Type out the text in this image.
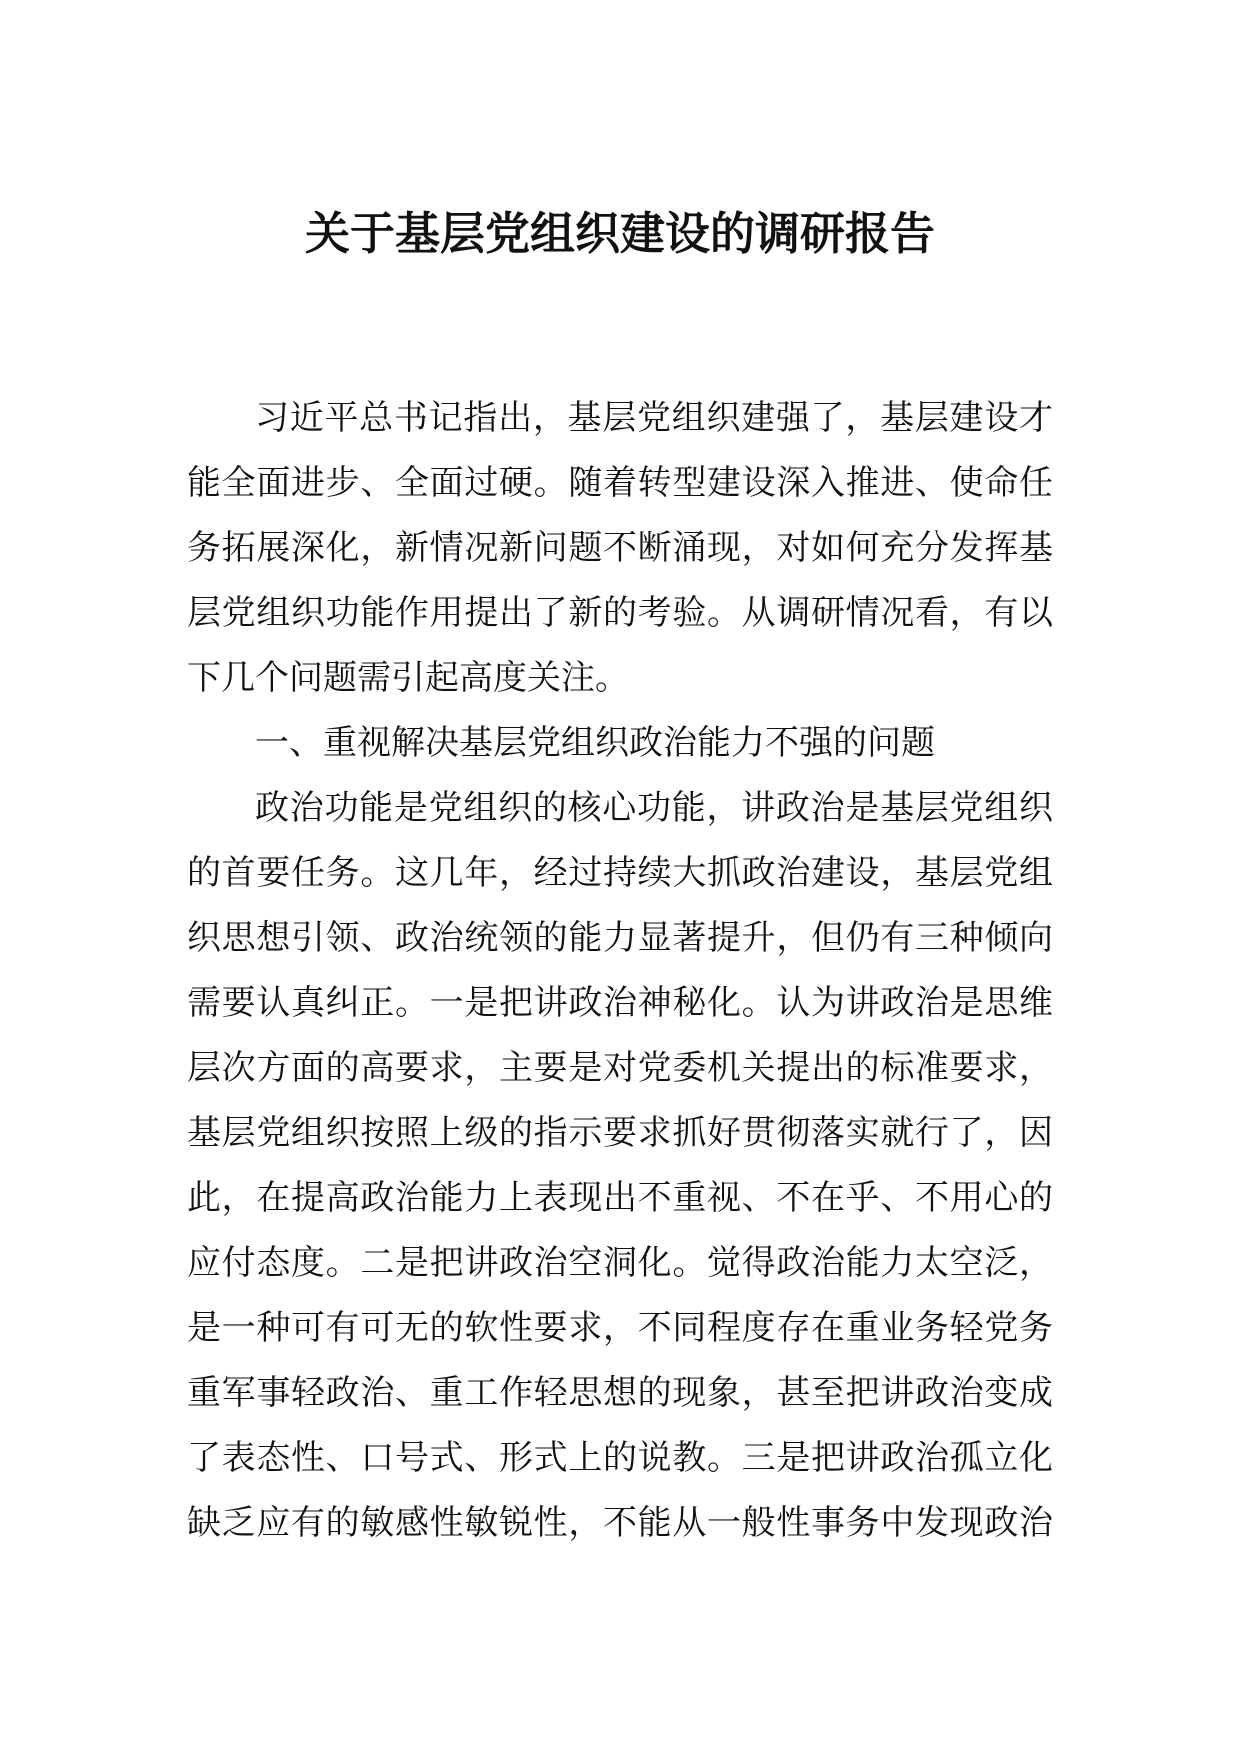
关于基层党组织建设的调研报告
习近平总书记指出，基层党组织建强了，基层建设才
能全面进步、全面过硬。随着转型建设深入推进、使命任
务拓展深化，新情况新问题不断涌现，对如何充分发挥基
层党组织功能作用提出了新的考验。从调研情况看，有以
下几个问题需引起高度关注。
一、重视解决基层党组织政治能力不强的问题
政治功能是党组织的核心功能，讲政治是基层党组织
的首要任务。这几年，经过持续大抓政治建设，基层党组
织思想引领、政治统领的能力显著提升，但仍有三种倾向
需要认真纠正。一是把讲政治神秘化。认为讲政治是思维
层次方面的高要求，主要是对党委机关提出的标准要求，
基层党组织按照上级的指示要求抓好贯彻落实就行了，因
此，在提高政治能力上表现出不重视、不在乎、不用心的
应付态度。二是把讲政治空洞化。觉得政治能力太空泛，
是一种可有可无的软性要求，不同程度存在重业务轻党务
重军事轻政治、重工作轻思想的现象，甚至把讲政治变成
了表态性、口号式、形式上的说教。三是把讲政治孤立化
缺乏应有的敏感性敏锐性，不能从一般性事务中发现政治
